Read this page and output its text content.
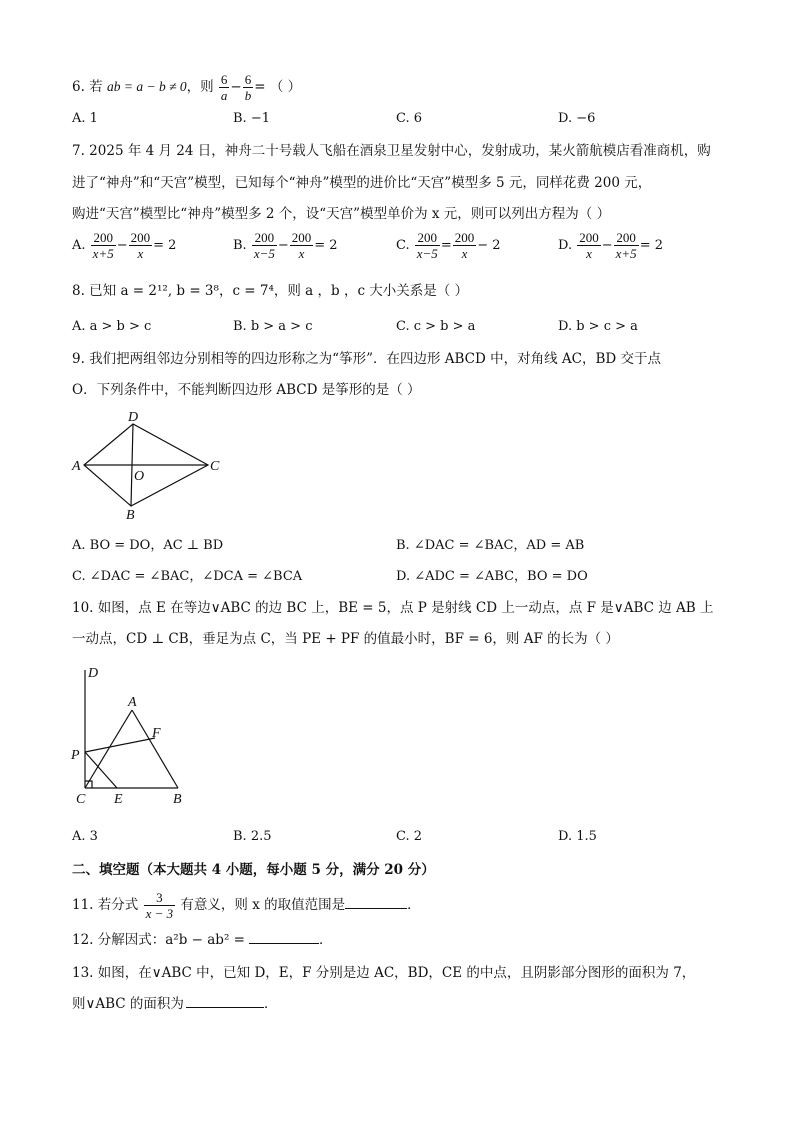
6. 若 ab = a − b ≠ 0，则 $\frac{6}{a} - \frac{6}{b}$ = （ ）
A. 1	B. −1	C. 6	D. −6
7. 2025 年 4 月 24 日，神舟二十号载人飞船在酒泉卫星发射中心，发射成功，某火箭航模店看准商机，购
进了“神舟”和“天宫”模型，已知每个“神舟”模型的进价比“天宫”模型多 5 元，同样花费 200 元，
购进“天宫”模型比“神舟”模型多 2 个，设“天宫”模型单价为 x 元，则可以列出方程为（ ）
A. $\frac{200}{x+5} - \frac{200}{x} = 2$	B. $\frac{200}{x-5} - \frac{200}{x} = 2$	C. $\frac{200}{x-5} = \frac{200}{x} - 2$	D. $\frac{200}{x} - \frac{200}{x+5} = 2$
8. 已知 a = 2¹², b = 3⁸，c = 7⁴，则 a ，b ，c 大小关系是（ ）
A. a > b > c	B. b > a > c	C. c > b > a	D. b > c > a
9. 我们把两组邻边分别相等的四边形称之为“筝形”．在四边形 ABCD 中，对角线 AC，BD 交于点
O．下列条件中，不能判断四边形 ABCD 是筝形的是（ ）
D
A
O
C
B
A. BO = DO，AC ⊥ BD	B. ∠DAC = ∠BAC，AD = AB
C. ∠DAC = ∠BAC，∠DCA = ∠BCA	D. ∠ADC = ∠ABC，BO = DO
10. 如图，点 E 在等边∨ABC 的边 BC 上，BE = 5，点 P 是射线 CD 上一动点，点 F 是∨ABC 边 AB 上
一动点，CD ⊥ CB，垂足为点 C，当 PE + PF 的值最小时，BF = 6，则 AF 的长为（ ）
D
A
F
P
C E	B
A. 3	B. 2.5	C. 2	D. 1.5
二、填空题（本大题共 4 小题，每小题 5 分，满分 20 分）
11. 若分式 $\frac{3}{x - 3}$ 有意义，则 x 的取值范围是	．
12. 分解因式：a²b − ab² =	．
13. 如图，在∨ABC 中，已知 D，E，F 分别是边 AC，BD，CE 的中点，且阴影部分图形的面积为 7，
则∨ABC 的面积为	．
